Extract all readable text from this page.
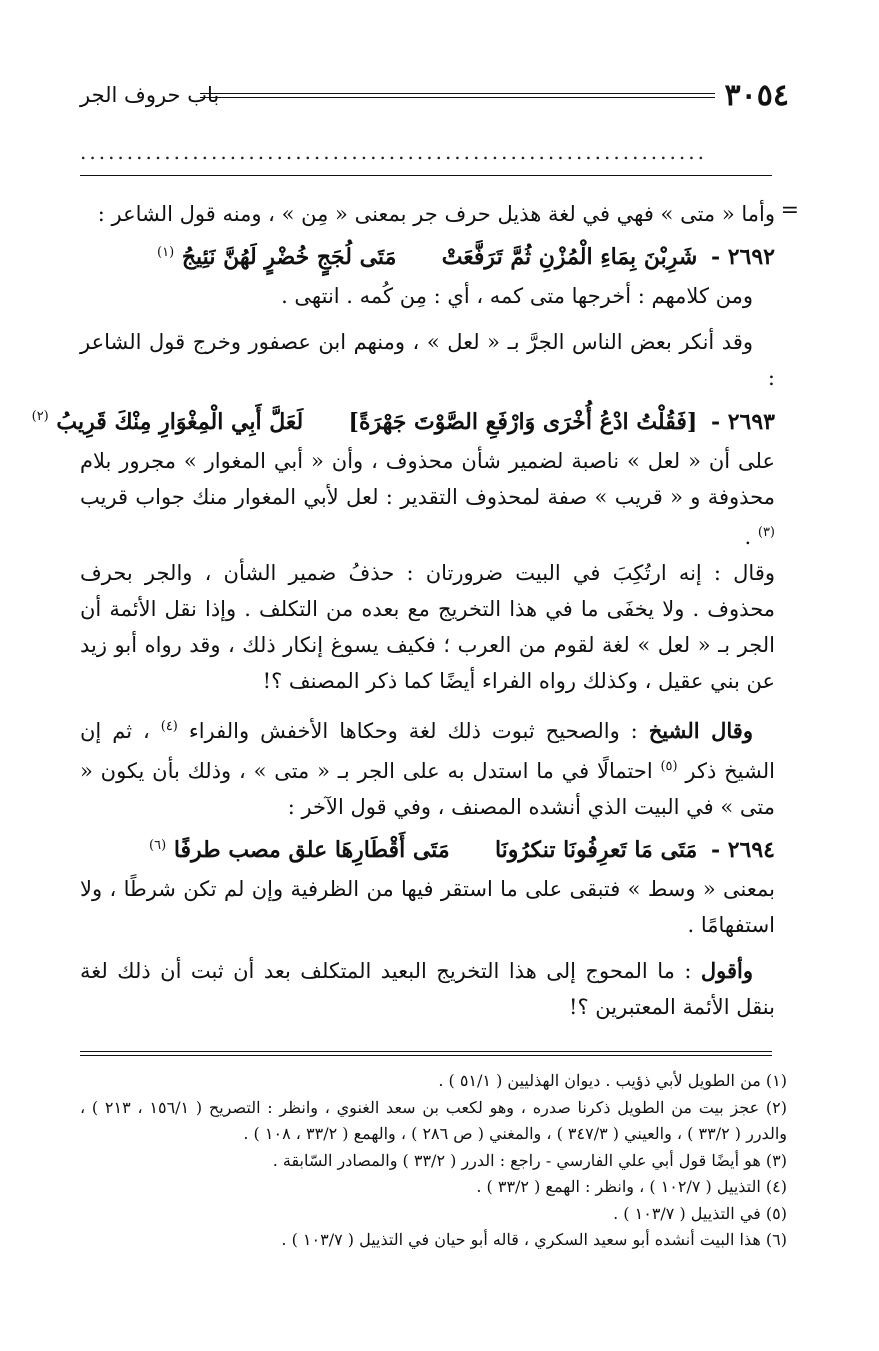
٣٠٥٤
باب حروف الجر
...................................................................
=

وأما « متى » فهي في لغة هذيل حرف جر بمعنى « مِن » ، ومنه قول الشاعر :

٢٦٩٢ - شَرِبْنَ بِمَاءِ الْمُزْنِ ثُمَّ تَرَفَّعَتْ  مَتَى لُجَجٍ خُضْرٍ لَهُنَّ نَئِيجُ $^{(١)}$

ومن كلامهم : أخرجها متى كمه ، أي : مِن كُمه . انتهى .

وقد أنكر بعض الناس الجرَّ بـ « لعل » ، ومنهم ابن عصفور وخرج قول الشاعر :

٢٦٩٣ - [فَقُلْتُ ادْعُ أُخْرَى وَارْفَعِ الصَّوْتَ جَهْرَةً]  لَعَلَّ أَبِي الْمِغْوَارِ مِنْكَ قَرِيبُ $^{(٢)}$

على أن « لعل » ناصبة لضمير شأن محذوف ، وأن « أبي المغوار » مجرور بلام محذوفة و « قريب » صفة لمحذوف التقدير : لعل لأبي المغوار منك جواب قريب $^{(٣)}$ .

وقال : إنه ارتُكِبَ في البيت ضرورتان : حذفُ ضمير الشأن ، والجر بحرف محذوف . ولا يخفَى ما في هذا التخريج مع بعده من التكلف . وإذا نقل الأئمة أن الجر بـ « لعل » لغة لقوم من العرب ؛ فكيف يسوغ إنكار ذلك ، وقد رواه أبو زيد عن بني عقيل ، وكذلك رواه الفراء أيضًا كما ذكر المصنف ؟!

وقال الشيخ : والصحيح ثبوت ذلك لغة وحكاها الأخفش والفراء $^{(٤)}$ ، ثم إن الشيخ ذكر $^{(٥)}$ احتمالًا في ما استدل به على الجر بـ « متى » ، وذلك بأن يكون « متى » في البيت الذي أنشده المصنف ، وفي قول الآخر :

٢٦٩٤ - مَتَى مَا تَعرِفُونَا تنكرُونَا  مَتَى أَقْطَارِهَا علق مصب طرفًا $^{(٦)}$

بمعنى « وسط » فتبقى على ما استقر فيها من الظرفية وإن لم تكن شرطًا ، ولا استفهامًا .

وأقول : ما المحوج إلى هذا التخريج البعيد المتكلف بعد أن ثبت أن ذلك لغة بنقل الأئمة المعتبرين ؟!

(١) من الطويل لأبي ذؤيب . ديوان الهذليين ( ٥١/١ ) .

(٢) عجز بيت من الطويل ذكرنا صدره ، وهو لكعب بن سعد الغنوي ، وانظر : التصريح ( ١٥٦/١ ، ٢١٣ ) ، والدرر ( ٣٣/٢ ) ، والعيني ( ٣٤٧/٣ ) ، والمغني ( ص ٢٨٦ ) ، والهمع ( ٣٣/٢ ، ١٠٨ ) .

(٣) هو أيضًا قول أبي علي الفارسي - راجع : الدرر ( ٣٣/٢ ) والمصادر السّابقة .

(٤) التذييل ( ١٠٢/٧ ) ، وانظر : الهمع ( ٣٣/٢ ) .

(٥) في التذييل ( ١٠٣/٧ ) .

(٦) هذا البيت أنشده أبو سعيد السكري ، قاله أبو حيان في التذييل ( ١٠٣/٧ ) .
